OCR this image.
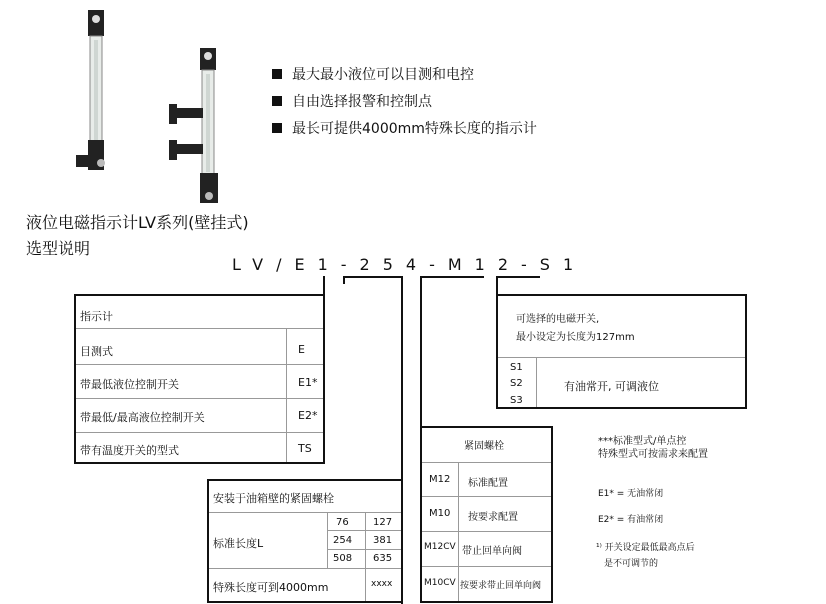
最大最小液位可以目测和电控
自由选择报警和控制点
最长可提供4000mm特殊长度的指示计
液位电磁指示计LV系列(壁挂式)
选型说明
LV/E1-254-M12-S1
指示计
目测式	E
带最低液位控制开关	E1*
带最低/最高液位控制开关	E2*
带有温度开关的型式	TS
安装于油箱壁的紧固螺栓
标准长度L
76 127
254 381
508 635
特殊长度可到4000mm	xxxx
紧固螺栓
M12 标准配置
M10 按要求配置
M12CV 带止回单向阀
M10CV 按要求带止回单向阀
可选择的电磁开关,
最小设定为长度为127mm
S1
S2
S3
有油常开, 可调液位
***标准型式/单点控
特殊型式可按需求来配置
E1* = 无油常闭
E2* = 有油常闭
¹⁾ 开关设定最低最高点后
是不可调节的
